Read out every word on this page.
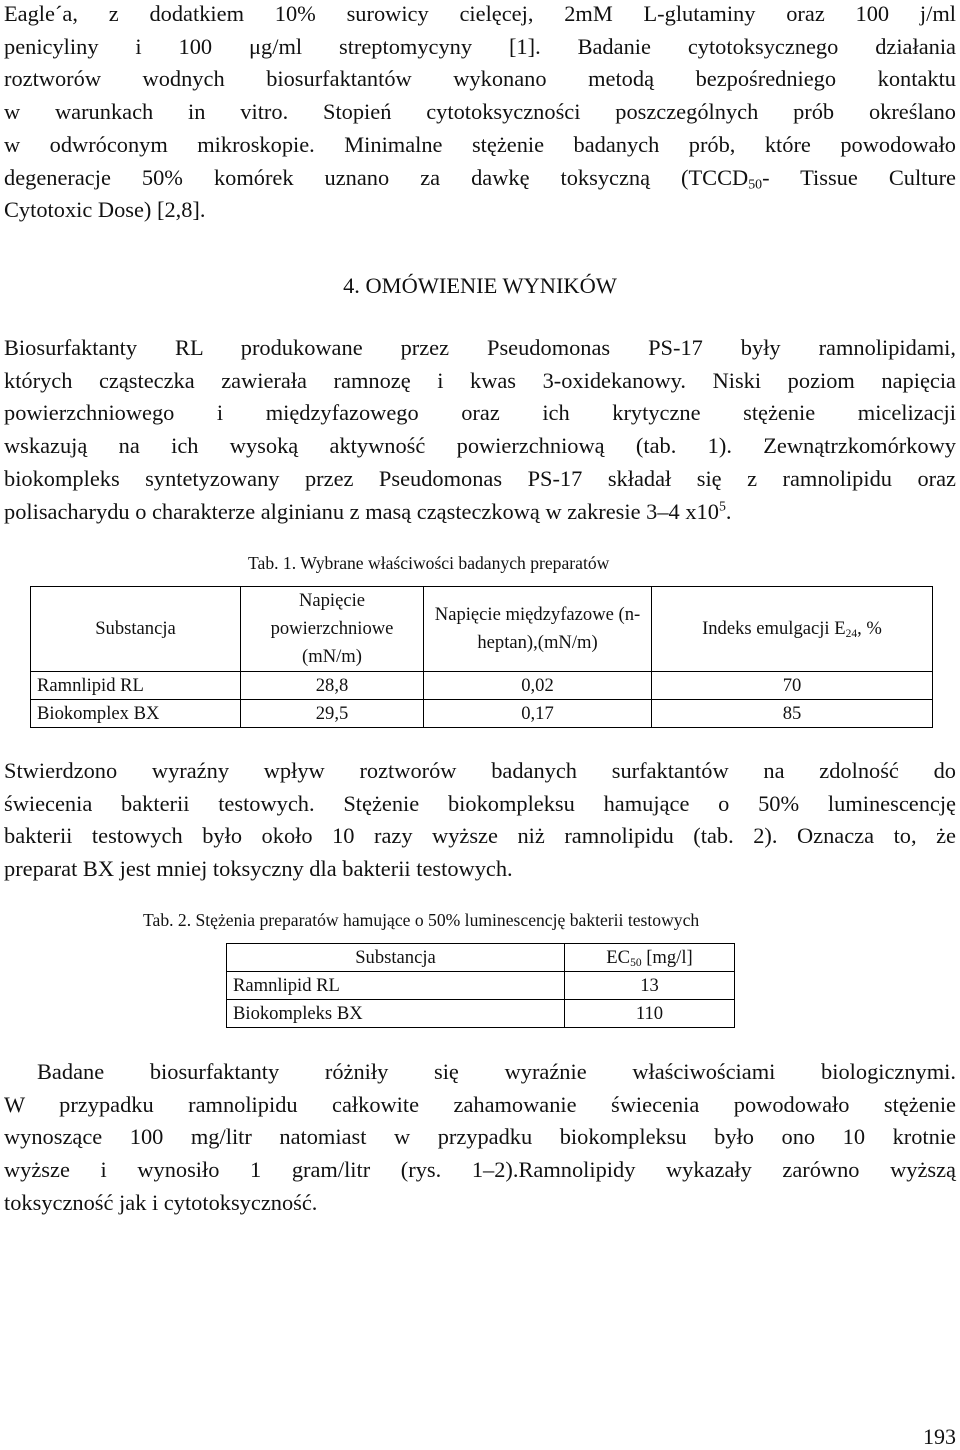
Eagle´a, z dodatkiem 10% surowicy cielęcej, 2mM L-glutaminy oraz 100 j/ml
penicyliny i 100 μg/ml streptomycyny [1]. Badanie cytotoksycznego działania
roztworów wodnych biosurfaktantów wykonano metodą bezpośredniego kontaktu
w warunkach in vitro. Stopień cytotoksyczności poszczególnych prób określano
w odwróconym mikroskopie. Minimalne stężenie badanych prób, które powodowało
degeneracje 50% komórek uznano za dawkę toksyczną ($TCCD_{50}-$ Tissue Culture
Cytotoxic Dose) [2,8].

4. OMÓWIENIE WYNIKÓW

Biosurfaktanty RL produkowane przez Pseudomonas PS-17 były ramnolipidami,
których cząsteczka zawierała ramnozę i kwas 3-oxidekanowy. Niski poziom napięcia
powierzchniowego i międzyfazowego oraz ich krytyczne stężenie micelizacji
wskazują na ich wysoką aktywność powierzchniową (tab. 1). Zewnątrzkomórkowy
biokompleks syntetyzowany przez Pseudomonas PS-17 składał się z ramnolipidu oraz
polisacharydu o charakterze alginianu z masą cząsteczkową w zakresie 3–4 $x10^5$.

Tab. 1. Wybrane właściwości badanych preparatów

Substancja	Napięcie powierzchniowe (mN/m)	Napięcie międzyfazowe (n-heptan),(mN/m)	Indeks emulgacji $E_{24}$, %
Ramnlipid RL	28,8	0,02	70
Biokomplex BX	29,5	0,17	85
Stwierdzono wyraźny wpływ roztworów badanych surfaktantów na zdolność do
świecenia bakterii testowych. Stężenie biokompleksu hamujące o 50% luminescencję
bakterii testowych było około 10 razy wyższe niż ramnolipidu (tab. 2). Oznacza to, że
preparat BX jest mniej toksyczny dla bakterii testowych.

Tab. 2. Stężenia preparatów hamujące o 50% luminescencję bakterii testowych

Substancja	$EC_{50}$ [mg/l]
Ramnlipid RL	13
Biokompleks BX	110
Badane biosurfaktanty różniły się wyraźnie właściwościami biologicznymi.
W przypadku ramnolipidu całkowite zahamowanie świecenia powodowało stężenie
wynoszące 100 mg/litr natomiast w przypadku biokompleksu było ono 10 krotnie
wyższe i wynosiło 1 gram/litr (rys. 1–2).Ramnolipidy wykazały zarówno wyższą
toksyczność jak i cytotoksyczność.

193
